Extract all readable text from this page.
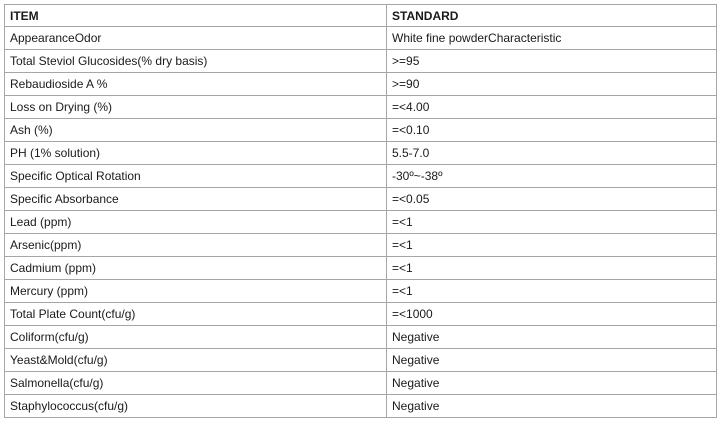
ITEM	STANDARD
AppearanceOdor	White fine powderCharacteristic
Total Steviol Glucosides(% dry basis)	>=95
Rebaudioside A %	>=90
Loss on Drying (%)	=<4.00
Ash (%)	=<0.10
PH (1% solution)	5.5-7.0
Specific Optical Rotation	-30º~-38º
Specific Absorbance	=<0.05
Lead (ppm)	=<1
Arsenic(ppm)	=<1
Cadmium (ppm)	=<1
Mercury (ppm)	=<1
Total Plate Count(cfu/g)	=<1000
Coliform(cfu/g)	Negative
Yeast&Mold(cfu/g)	Negative
Salmonella(cfu/g)	Negative
Staphylococcus(cfu/g)	Negative
